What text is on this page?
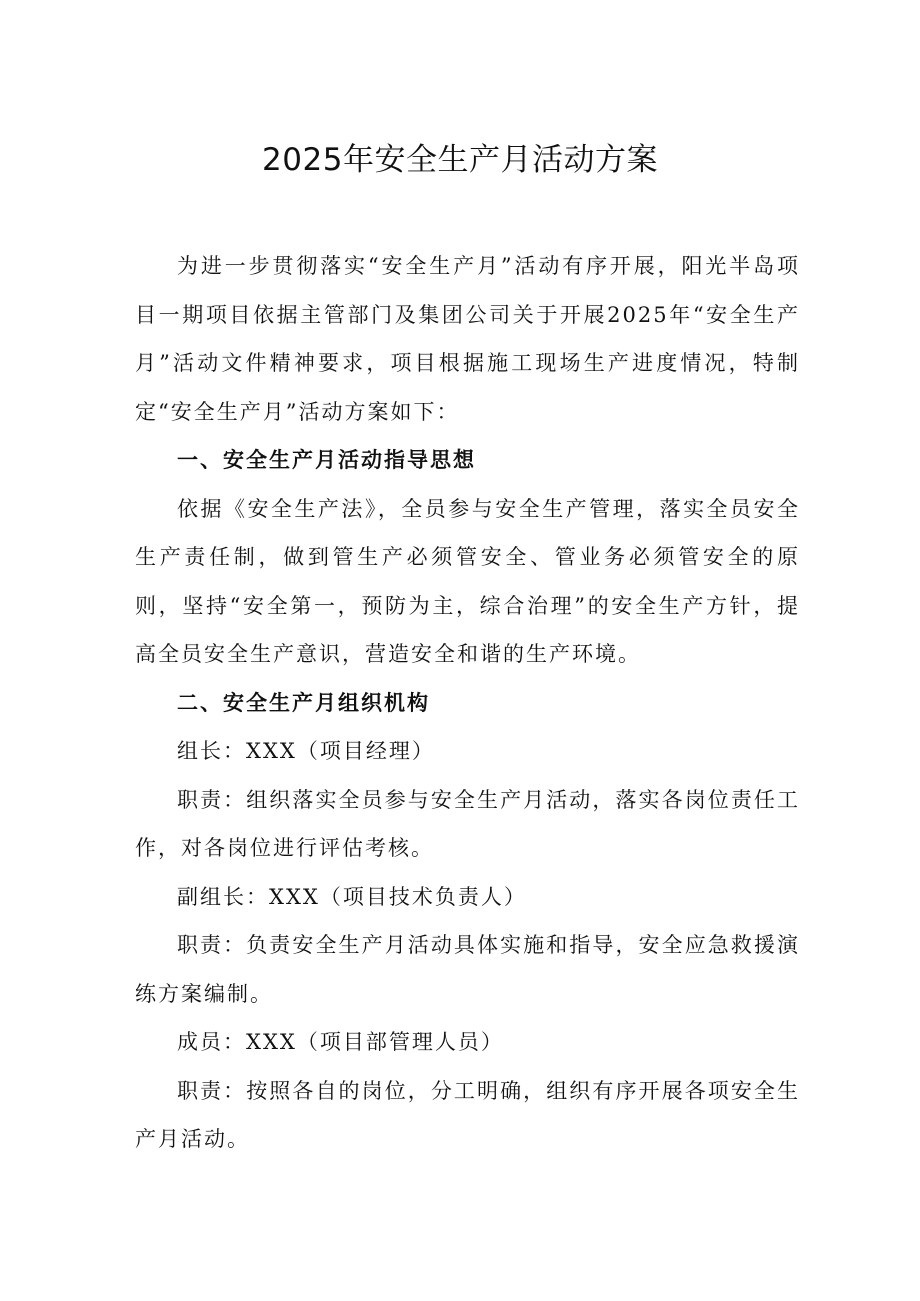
2025年安全生产月活动方案

为进一步贯彻落实“安全生产月”活动有序开展，阳光半岛项目一期项目依据主管部门及集团公司关于开展2025年“安全生产月”活动文件精神要求，项目根据施工现场生产进度情况，特制定“安全生产月”活动方案如下：

一、安全生产月活动指导思想

依据《安全生产法》，全员参与安全生产管理，落实全员安全生产责任制，做到管生产必须管安全、管业务必须管安全的原则，坚持“安全第一，预防为主，综合治理”的安全生产方针，提高全员安全生产意识，营造安全和谐的生产环境。

二、安全生产月组织机构

组长：XXX（项目经理）

职责：组织落实全员参与安全生产月活动，落实各岗位责任工作，对各岗位进行评估考核。

副组长：XXX（项目技术负责人）

职责：负责安全生产月活动具体实施和指导，安全应急救援演练方案编制。

成员：XXX（项目部管理人员）

职责：按照各自的岗位，分工明确，组织有序开展各项安全生产月活动。
